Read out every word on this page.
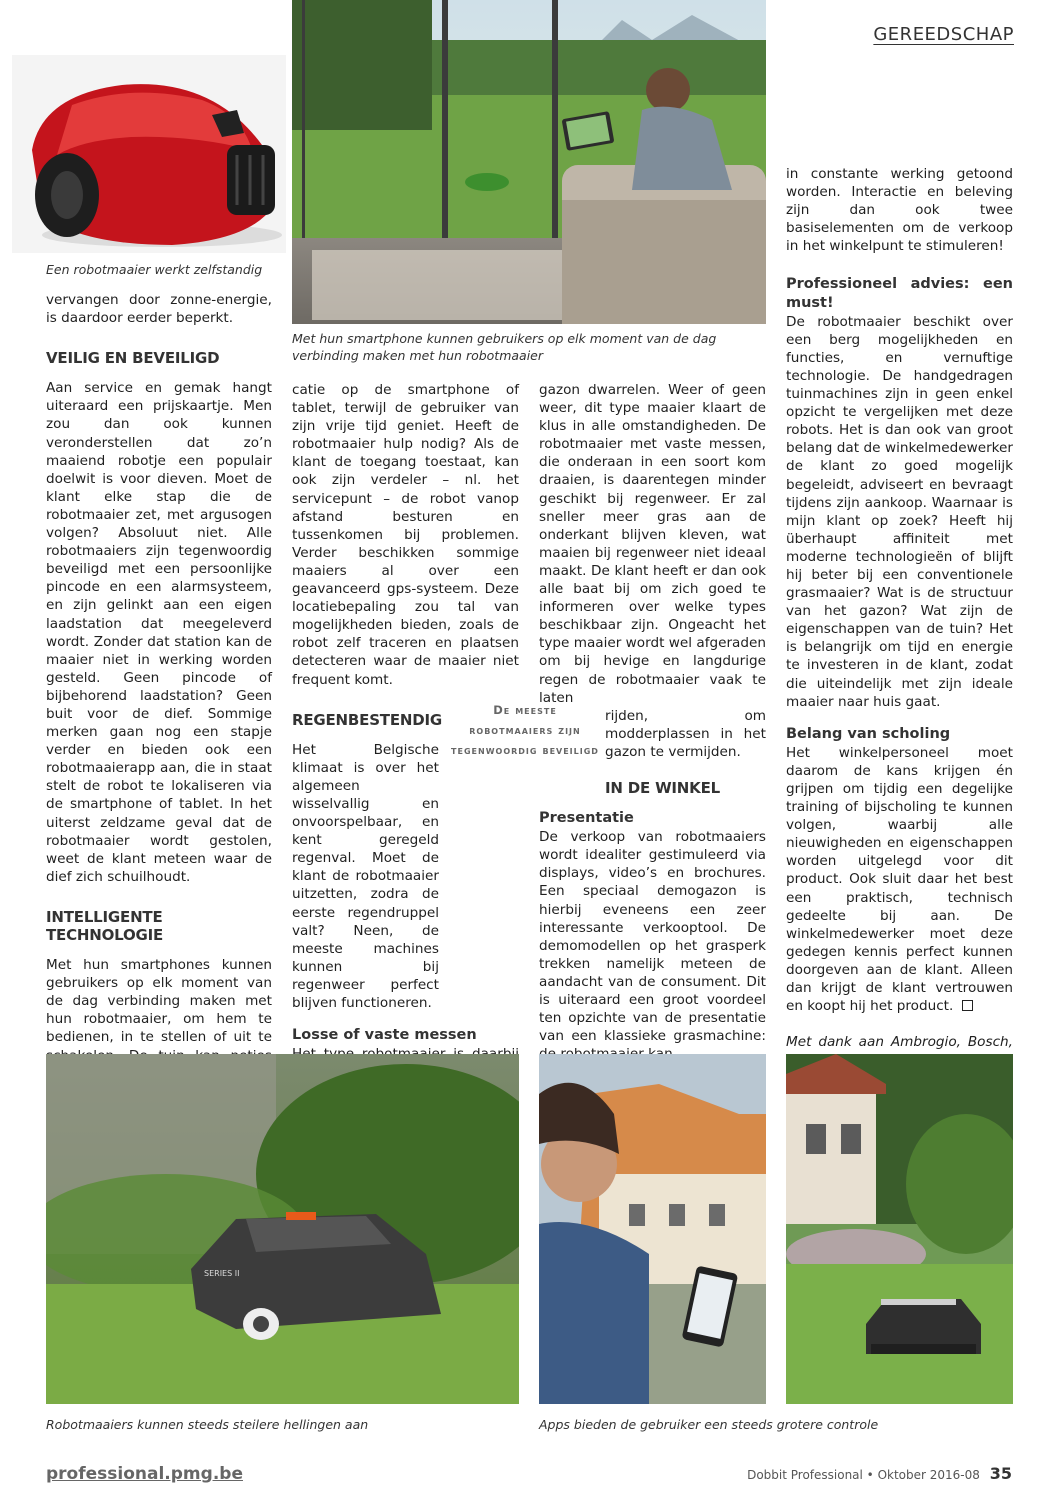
GEREEDSCHAP
Een robotmaaier werkt zelfstandig
Met hun smartphone kunnen gebruikers op elk moment van de dag verbinding maken met hun robotmaaier

vervangen door zonne-energie, is daardoor eerder beperkt.

VEILIG EN BEVEILIGD

Aan service en gemak hangt uiteraard een prijskaartje. Men zou dan ook kunnen veronderstellen dat zo’n maaiend robotje een populair doelwit is voor dieven. Moet de klant elke stap die de robotmaaier zet, met argusogen volgen? Absoluut niet. Alle robotmaaiers zijn tegenwoordig beveiligd met een persoonlijke pincode en een alarmsysteem, en zijn gelinkt aan een eigen laadstation dat meegeleverd wordt. Zonder dat station kan de maaier niet in werking worden gesteld. Geen pincode of bijbehorend laadstation? Geen buit voor de dief. Sommige merken gaan nog een stapje verder en bieden ook een robotmaaierapp aan, die in staat stelt de robot te lokaliseren via de smartphone of tablet. In het uiterst zeldzame geval dat de robotmaaier wordt gestolen, weet de klant meteen waar de dief zich schuilhoudt.

INTELLIGENTE TECHNOLOGIE

Met hun smartphones kunnen gebruikers op elk moment van de dag verbinding maken met hun robotmaaier, om hem te bedienen, in te stellen of uit te

catie op de smartphone of tablet, terwijl de gebruiker van zijn vrije tijd geniet. Heeft de robotmaaier hulp nodig? Als de klant de toegang toestaat, kan ook zijn verdeler – nl. het servicepunt – de robot vanop afstand besturen en tussenkomen bij problemen. Verder beschikken sommige maaiers al over een geavanceerd gps-systeem. Deze locatiebepaling zou tal van mogelijkheden bieden, zoals de robot zelf traceren en plaatsen detecteren waar de maaier niet frequent komt.

REGENBESTENDIG

Het Belgische klimaat is over het algemeen wisselvallig en onvoorspelbaar, en kent geregeld regenval. Moet de klant de robotmaaier uitzetten, zodra de eerste regendruppel valt? Neen, de meeste machines kunnen bij regenweer perfect blijven functioneren.

Losse of vaste messen

De meeste robotmaaiers zijn tegenwoordig beveiligd

gazon dwarrelen. Weer of geen weer, dit type maaier klaart de klus in alle omstandigheden. De robotmaaier met vaste messen, die onderaan in een soort kom draaien, is daarentegen minder geschikt bij regenweer. Er zal sneller meer gras aan de onderkant blijven kleven, wat maaien bij regenweer niet ideaal maakt. De klant heeft er dan ook alle baat bij om zich goed te informeren over welke types beschikbaar zijn. Ongeacht het type maaier wordt wel afgeraden om bij hevige en langdurige regen de robotmaaier vaak te laten

rijden, om modderplassen in het gazon te vermijden.

IN DE WINKEL
Presentatie

De verkoop van robotmaaiers wordt idealiter gestimuleerd via displays, video’s en brochures. Een speciaal demogazon is hierbij eveneens een zeer interessante verkooptool. De demomodellen op het grasperk trekken namelijk meteen de aandacht van de consument. Dit is uiteraard een groot voordeel ten opzichte van de presentatie van een klassieke grasmachine:

in constante werking getoond worden. Interactie en beleving zijn dan ook twee basiselementen om de verkoop in het winkelpunt te stimuleren!

Professioneel advies: een must!

De robotmaaier beschikt over een berg mogelijkheden en functies, en vernuftige technologie. De handgedragen tuinmachines zijn in geen enkel opzicht te vergelijken met deze robots. Het is dan ook van groot belang dat de winkelmedewerker de klant zo goed mogelijk begeleidt, adviseert en bevraagt tijdens zijn aankoop. Waarnaar is mijn klant op zoek? Heeft hij überhaupt affiniteit met moderne technologieën of blijft hij beter bij een conventionele grasmaaier? Wat is de structuur van het gazon? Wat zijn de eigenschappen van de tuin? Het is belangrijk om tijd en energie te investeren in de klant, zodat die uiteindelijk met zijn ideale maaier naar huis gaat.

Belang van scholing

Het winkelpersoneel moet daarom de kans krijgen én grijpen om tijdig een degelijke training of bijscholing te kunnen volgen, waarbij alle nieuwigheden en eigenschappen worden uitgelegd voor dit product. Ook sluit daar het best een praktisch, technisch gedeelte bij aan. De winkelmedewerker moet deze gedegen kennis perfect kunnen doorgeven aan de klant. Alleen dan krijgt de klant vertrouwen en koopt hij het product.

Met dank aan Ambrogio, Bosch,

SERIES II
Robotmaaiers kunnen steeds steilere hellingen aan	Apps bieden de gebruiker een steeds grotere controle
professional.pmg.be	Dobbit Professional • Oktober 2016-08 35
